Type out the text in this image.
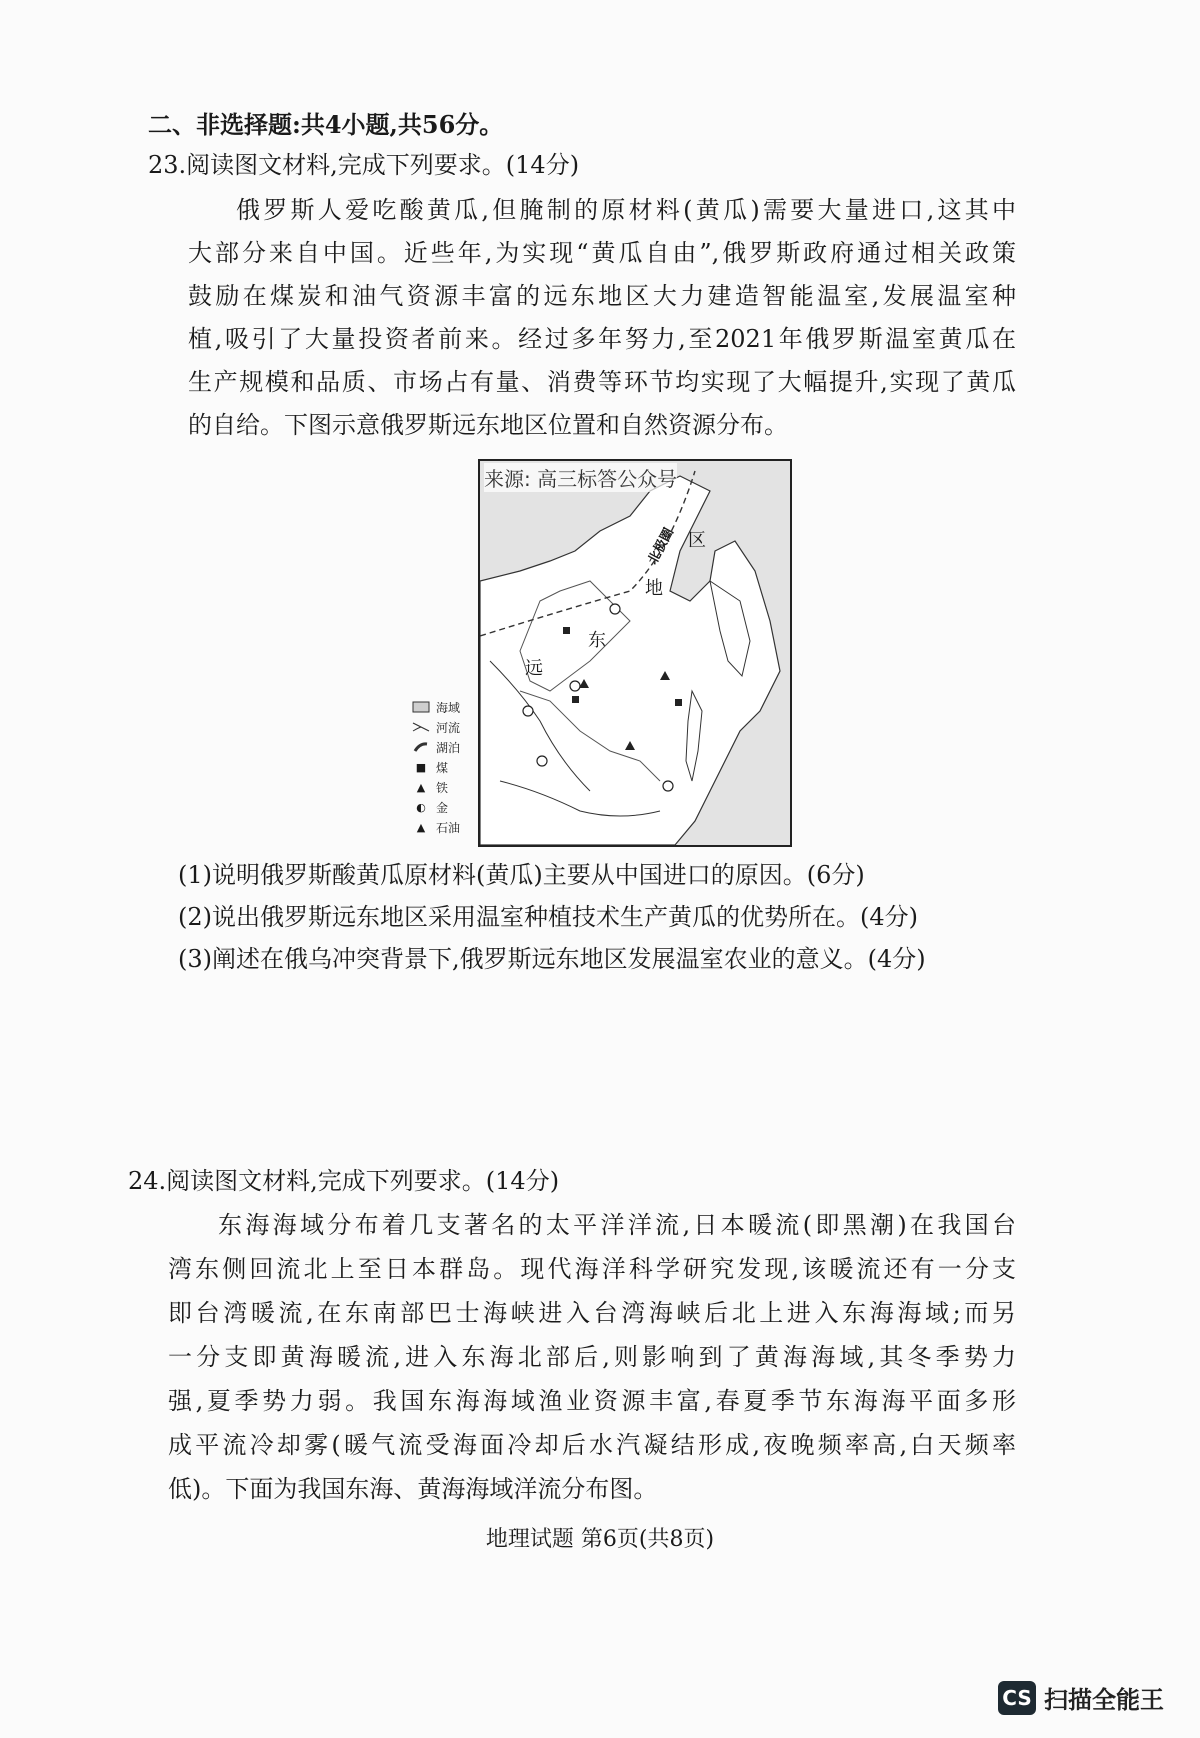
二、非选择题:共4小题,共56分。
23.阅读图文材料,完成下列要求。(14分)
俄罗斯人爱吃酸黄瓜,但腌制的原材料(黄瓜)需要大量进口,这其中
大部分来自中国。近些年,为实现“黄瓜自由”,俄罗斯政府通过相关政策
鼓励在煤炭和油气资源丰富的远东地区大力建造智能温室,发展温室种
植,吸引了大量投资者前来。经过多年努力,至2021年俄罗斯温室黄瓜在
生产规模和品质、市场占有量、消费等环节均实现了大幅提升,实现了黄瓜
的自给。下图示意俄罗斯远东地区位置和自然资源分布。
海域
河流
湖泊
■ 煤
▲ 铁
◐ 金
▲ 石油
北极圈
远
东
地
区
来源: 高三标答公众号
(1)说明俄罗斯酸黄瓜原材料(黄瓜)主要从中国进口的原因。(6分)
(2)说出俄罗斯远东地区采用温室种植技术生产黄瓜的优势所在。(4分)
(3)阐述在俄乌冲突背景下,俄罗斯远东地区发展温室农业的意义。(4分)
24.阅读图文材料,完成下列要求。(14分)
东海海域分布着几支著名的太平洋洋流,日本暖流(即黑潮)在我国台
湾东侧回流北上至日本群岛。现代海洋科学研究发现,该暖流还有一分支
即台湾暖流,在东南部巴士海峡进入台湾海峡后北上进入东海海域;而另
一分支即黄海暖流,进入东海北部后,则影响到了黄海海域,其冬季势力
强,夏季势力弱。我国东海海域渔业资源丰富,春夏季节东海海平面多形
成平流冷却雾(暖气流受海面冷却后水汽凝结形成,夜晚频率高,白天频率
低)。下面为我国东海、黄海海域洋流分布图。
地理试题 第6页(共8页)
CS 扫描全能王
